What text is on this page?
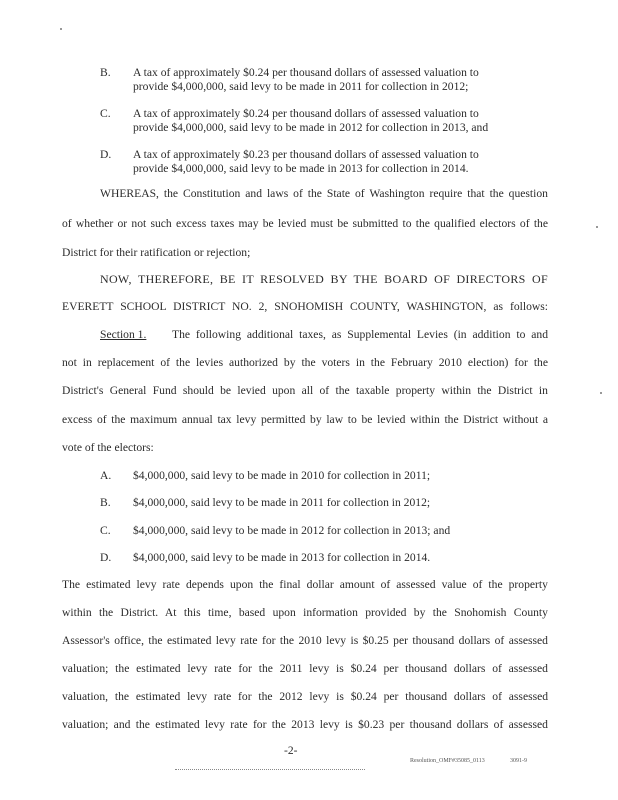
B. A tax of approximately $0.24 per thousand dollars of assessed valuation to
provide $4,000,000, said levy to be made in 2011 for collection in 2012;
C. A tax of approximately $0.24 per thousand dollars of assessed valuation to
provide $4,000,000, said levy to be made in 2012 for collection in 2013, and
D. A tax of approximately $0.23 per thousand dollars of assessed valuation to
provide $4,000,000, said levy to be made in 2013 for collection in 2014.
WHEREAS, the Constitution and laws of the State of Washington require that the question
of whether or not such excess taxes may be levied must be submitted to the qualified electors of the
District for their ratification or rejection;
NOW, THEREFORE, BE IT RESOLVED BY THE BOARD OF DIRECTORS OF
EVERETT SCHOOL DISTRICT NO. 2, SNOHOMISH COUNTY, WASHINGTON, as follows:
Section 1. The following additional taxes, as Supplemental Levies (in addition to and
not in replacement of the levies authorized by the voters in the February 2010 election) for the
District's General Fund should be levied upon all of the taxable property within the District in
excess of the maximum annual tax levy permitted by law to be levied within the District without a
vote of the electors:
A. $4,000,000, said levy to be made in 2010 for collection in 2011;
B. $4,000,000, said levy to be made in 2011 for collection in 2012;
C. $4,000,000, said levy to be made in 2012 for collection in 2013; and
D. $4,000,000, said levy to be made in 2013 for collection in 2014.
The estimated levy rate depends upon the final dollar amount of assessed value of the property
within the District. At this time, based upon information provided by the Snohomish County
Assessor's office, the estimated levy rate for the 2010 levy is $0.25 per thousand dollars of assessed
valuation; the estimated levy rate for the 2011 levy is $0.24 per thousand dollars of assessed
valuation, the estimated levy rate for the 2012 levy is $0.24 per thousand dollars of assessed
valuation; and the estimated levy rate for the 2013 levy is $0.23 per thousand dollars of assessed
-2-
Resolution_OMF#35085_0113	3091-9
